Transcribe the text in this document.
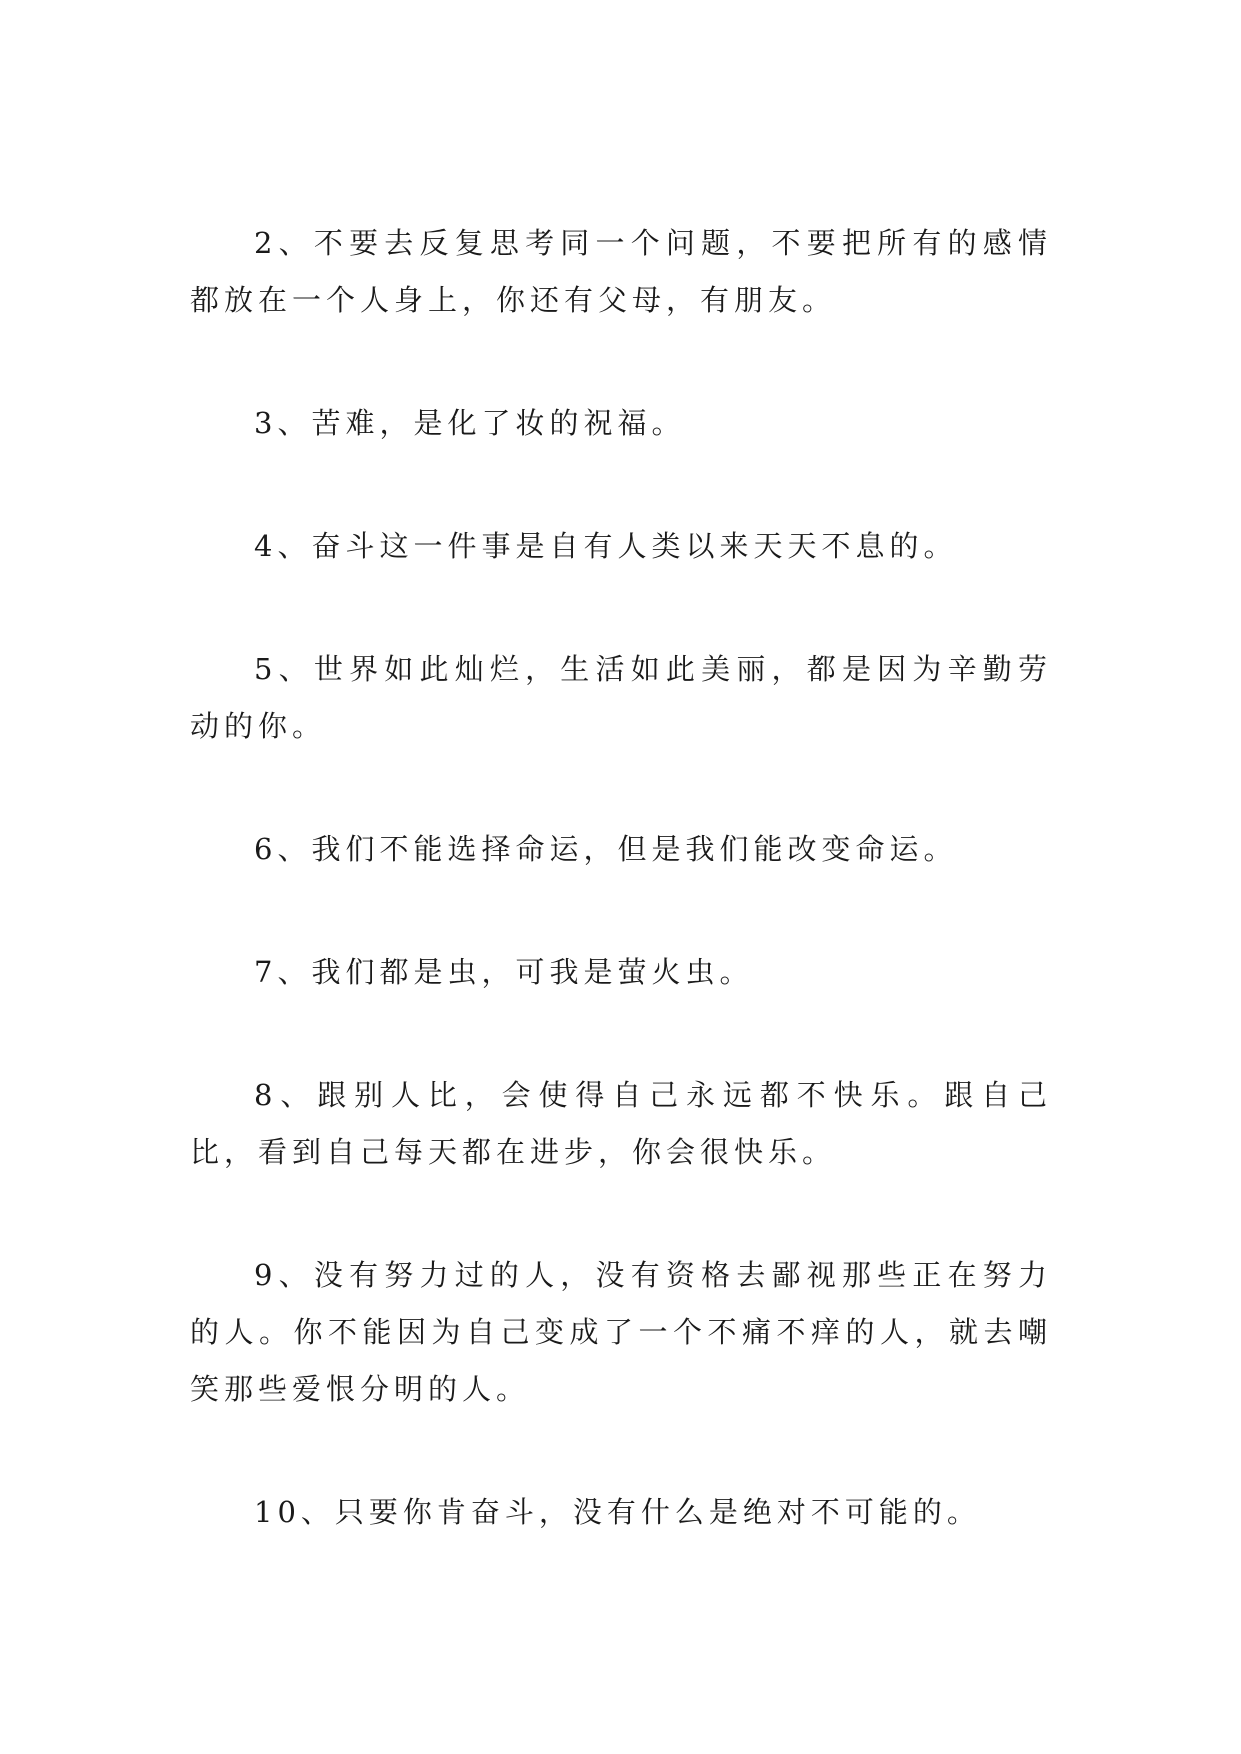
2、不要去反复思考同一个问题，不要把所有的感情都放在一个人身上，你还有父母，有朋友。

3、苦难，是化了妆的祝福。

4、奋斗这一件事是自有人类以来天天不息的。

5、世界如此灿烂，生活如此美丽，都是因为辛勤劳动的你。

6、我们不能选择命运，但是我们能改变命运。

7、我们都是虫，可我是萤火虫。

8、跟别人比，会使得自己永远都不快乐。跟自己比，看到自己每天都在进步，你会很快乐。

9、没有努力过的人，没有资格去鄙视那些正在努力的人。你不能因为自己变成了一个不痛不痒的人，就去嘲笑那些爱恨分明的人。

10、只要你肯奋斗，没有什么是绝对不可能的。
